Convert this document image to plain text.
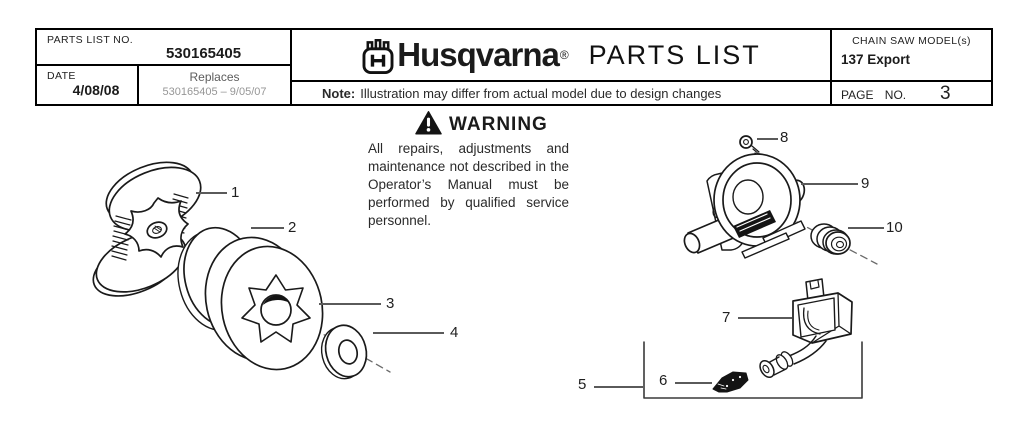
PARTS LIST NO.
530165405
DATE
4/08/08
Replaces
530165405 – 9/05/07
Husqvarna ® PARTS LIST
Note: Illustration may differ from actual model due to design changes
CHAIN SAW MODEL(s)
137 Export
PAGE NO. 3
WARNING
All repairs, adjustments and maintenance not described in the Operator’s Manual must be performed by qualified service personnel.
1
2
3
4
5	6
7
8
9
10
